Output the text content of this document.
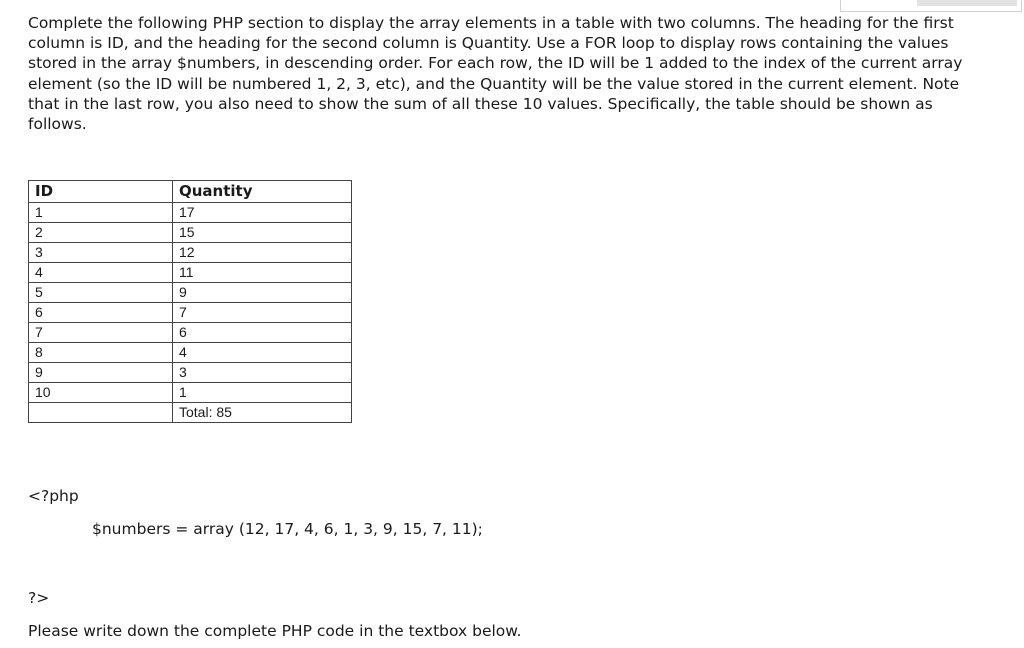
Complete the following PHP section to display the array elements in a table with two columns. The heading for the first column is ID, and the heading for the second column is Quantity. Use a FOR loop to display rows containing the values stored in the array $numbers, in descending order. For each row, the ID will be 1 added to the index of the current array element (so the ID will be numbered 1, 2, 3, etc), and the Quantity will be the value stored in the current element. Note that in the last row, you also need to show the sum of all these 10 values. Specifically, the table should be shown as follows.

ID	Quantity
1	17
2	15
3	12
4	11
5	9
6	7
7	6
8	4
9	3
10	1
	Total: 85

<?php

$numbers = array (12, 17, 4, 6, 1, 3, 9, 15, 7, 11);

?>

Please write down the complete PHP code in the textbox below.
